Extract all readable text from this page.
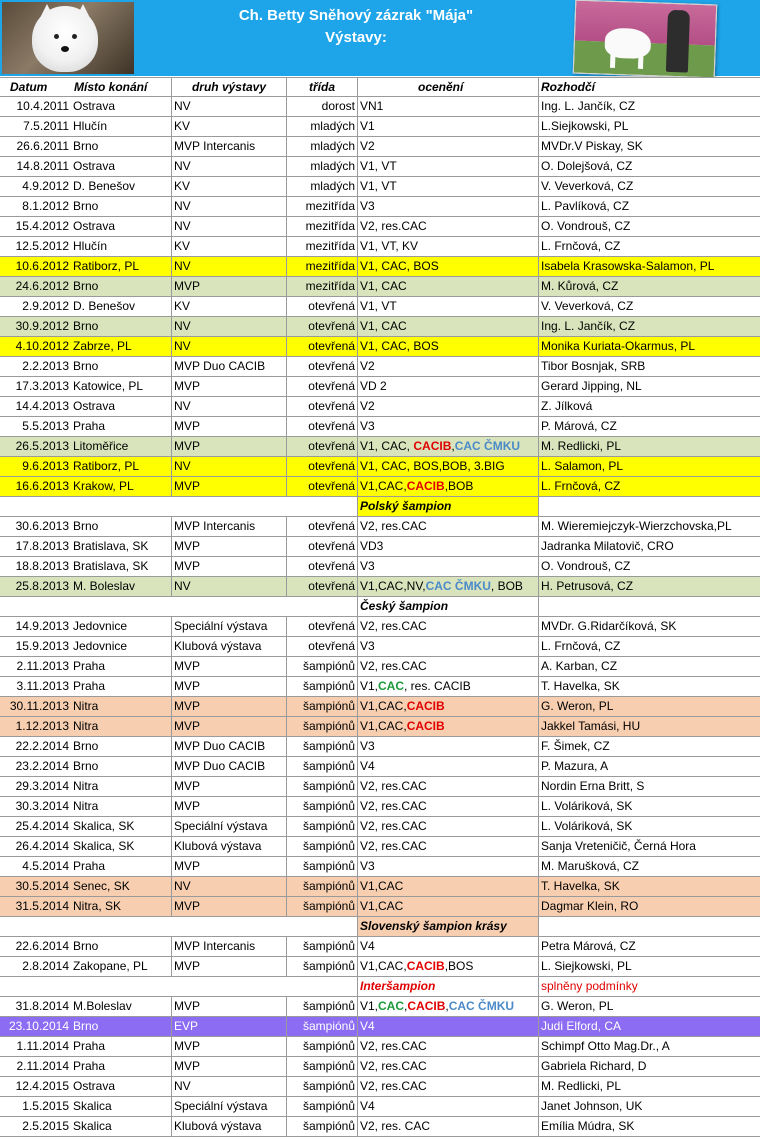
Ch. Betty Sněhový zázrak "Mája"
Výstavy:
Datum	Místo konání	druh výstavy	třída	ocenění	Rozhodčí
10.4.2011 Ostrava	NV	dorost VN1	Ing. L. Jančík, CZ
7.5.2011 Hlučín	KV	mladých V1	L.Siejkowski, PL
26.6.2011 Brno	MVP Intercanis	mladých V2	MVDr.V Piskay, SK
14.8.2011 Ostrava	NV	mladých V1, VT	O. Dolejšová, CZ
4.9.2012 D. Benešov	KV	mladých V1, VT	V. Veverková, CZ
8.1.2012 Brno	NV	mezitřída V3	L. Pavlíková, CZ
15.4.2012 Ostrava	NV	mezitřída V2, res.CAC	O. Vondrouš, CZ
12.5.2012 Hlučín	KV	mezitřída V1, VT, KV	L. Frnčová, CZ
10.6.2012 Ratiborz, PL	NV	mezitřída V1, CAC, BOS	Isabela Krasowska-Salamon, PL
24.6.2012 Brno	MVP	mezitřída V1, CAC	M. Kůrová, CZ
2.9.2012 D. Benešov	KV	otevřená V1, VT	V. Veverková, CZ
30.9.2012 Brno	NV	otevřená V1, CAC	Ing. L. Jančík, CZ
4.10.2012 Zabrze, PL	NV	otevřená V1, CAC, BOS	Monika Kuriata-Okarmus, PL
2.2.2013 Brno	MVP Duo CACIB	otevřená V2	Tibor Bosnjak, SRB
17.3.2013 Katowice, PL	MVP	otevřená VD 2	Gerard Jipping, NL
14.4.2013 Ostrava	NV	otevřená V2	Z. Jílková
5.5.2013 Praha	MVP	otevřená V3	P. Márová, CZ
26.5.2013 Litoměřice	MVP	otevřená V1, CAC, CACIB,CAC ČMKU	M. Redlicki, PL
9.6.2013 Ratiborz, PL	NV	otevřená V1, CAC, BOS,BOB, 3.BIG	L. Salamon, PL
16.6.2013 Krakow, PL	MVP	otevřená V1,CAC,CACIB,BOB	L. Frnčová, CZ
Polský šampion
30.6.2013 Brno	MVP Intercanis	otevřená V2, res.CAC	M. Wieremiejczyk-Wierzchovska,PL
17.8.2013 Bratislava, SK	MVP	otevřená VD3	Jadranka Milatovič, CRO
18.8.2013 Bratislava, SK	MVP	otevřená V3	O. Vondrouš, CZ
25.8.2013 M. Boleslav	NV	otevřená V1,CAC,NV,CAC ČMKU, BOB	H. Petrusová, CZ
Český šampion
14.9.2013 Jedovnice	Speciální výstava	otevřená V2, res.CAC	MVDr. G.Ridarčíková, SK
15.9.2013 Jedovnice	Klubová výstava	otevřená V3	L. Frnčová, CZ
2.11.2013 Praha	MVP	šampiónů V2, res.CAC	A. Karban, CZ
3.11.2013 Praha	MVP	šampiónů V1,CAC, res. CACIB	T. Havelka, SK
30.11.2013 Nitra	MVP	šampiónů V1,CAC,CACIB	G. Weron, PL
1.12.2013 Nitra	MVP	šampiónů V1,CAC,CACIB	Jakkel Tamási, HU
22.2.2014 Brno	MVP Duo CACIB	šampiónů V3	F. Šimek, CZ
23.2.2014 Brno	MVP Duo CACIB	šampiónů V4	P. Mazura, A
29.3.2014 Nitra	MVP	šampiónů V2, res.CAC	Nordin Erna Britt, S
30.3.2014 Nitra	MVP	šampiónů V2, res.CAC	L. Voláriková, SK
25.4.2014 Skalica, SK	Speciální výstava	šampiónů V2, res.CAC	L. Voláriková, SK
26.4.2014 Skalica, SK	Klubová výstava	šampiónů V2, res.CAC	Sanja Vreteničič, Černá Hora
4.5.2014 Praha	MVP	šampiónů V3	M. Marušková, CZ
30.5.2014 Senec, SK	NV	šampiónů V1,CAC	T. Havelka, SK
31.5.2014 Nitra, SK	MVP	šampiónů V1,CAC	Dagmar Klein, RO
Slovenský šampion krásy
22.6.2014 Brno	MVP Intercanis	šampiónů V4	Petra Márová, CZ
2.8.2014 Zakopane, PL	MVP	šampiónů V1,CAC,CACIB,BOS	L. Siejkowski, PL
Interšampion	splněny podmínky
31.8.2014 M.Boleslav	MVP	šampiónů V1,CAC,CACIB,CAC ČMKU	G. Weron, PL
23.10.2014 Brno	EVP	šampiónů V4	Judi Elford, CA
1.11.2014 Praha	MVP	šampiónů V2, res.CAC	Schimpf Otto Mag.Dr., A
2.11.2014 Praha	MVP	šampiónů V2, res.CAC	Gabriela Richard, D
12.4.2015 Ostrava	NV	šampiónů V2, res.CAC	M. Redlicki, PL
1.5.2015 Skalica	Speciální výstava	šampiónů V4	Janet Johnson, UK
2.5.2015 Skalica	Klubová výstava	šampiónů V2, res. CAC	Emília Múdra, SK
